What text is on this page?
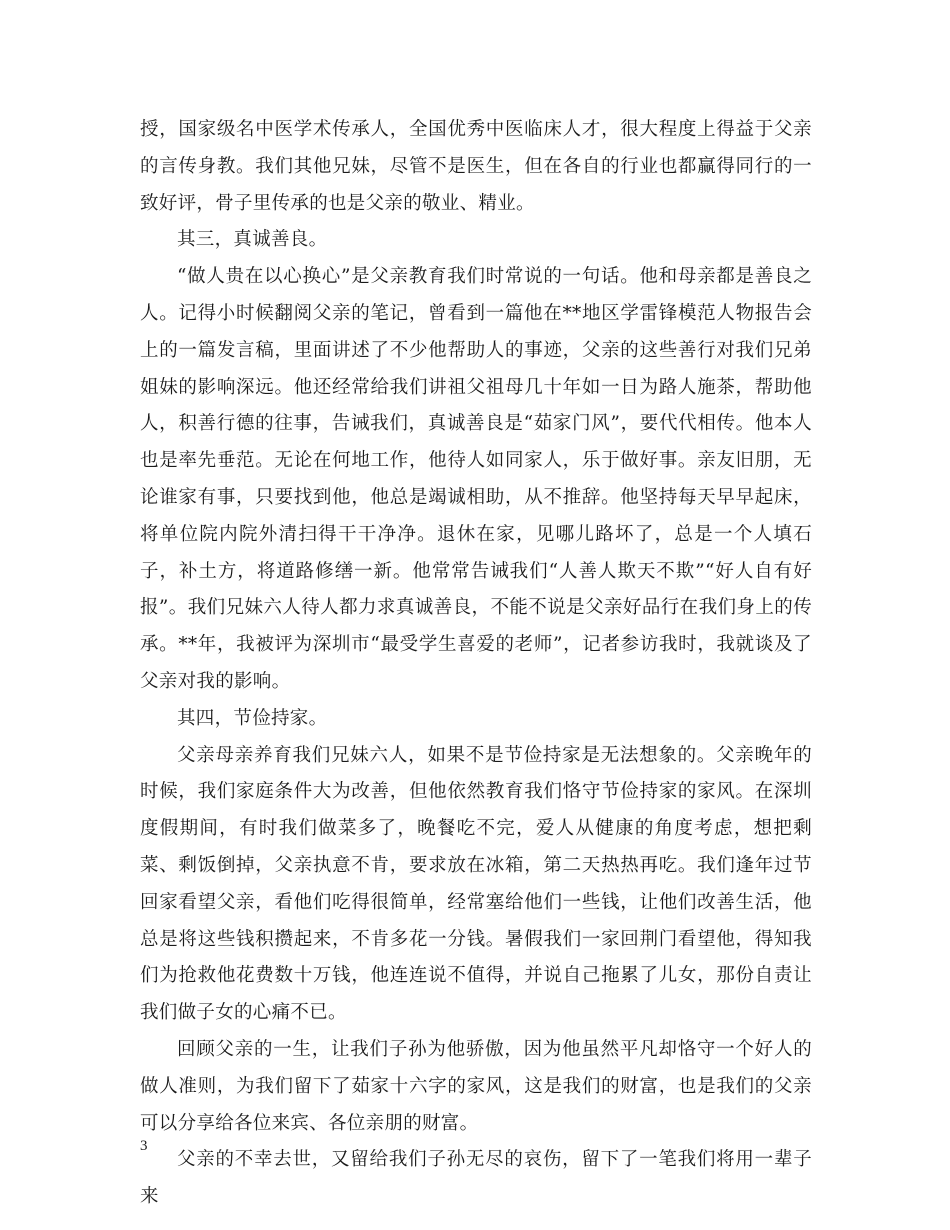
授，国家级名中医学术传承人，全国优秀中医临床人才，很大程度上得益于父亲的言传身教。我们其他兄妹，尽管不是医生，但在各自的行业也都赢得同行的一致好评，骨子里传承的也是父亲的敬业、精业。

其三，真诚善良。

“做人贵在以心换心”是父亲教育我们时常说的一句话。他和母亲都是善良之人。记得小时候翻阅父亲的笔记，曾看到一篇他在**地区学雷锋模范人物报告会上的一篇发言稿，里面讲述了不少他帮助人的事迹，父亲的这些善行对我们兄弟姐妹的影响深远。他还经常给我们讲祖父祖母几十年如一日为路人施茶，帮助他人，积善行德的往事，告诫我们，真诚善良是“茹家门风”，要代代相传。他本人也是率先垂范。无论在何地工作，他待人如同家人，乐于做好事。亲友旧朋，无论谁家有事，只要找到他，他总是竭诚相助，从不推辞。他坚持每天早早起床，将单位院内院外清扫得干干净净。退休在家，见哪儿路坏了，总是一个人填石子，补土方，将道路修缮一新。他常常告诫我们“人善人欺天不欺”“好人自有好报”。我们兄妹六人待人都力求真诚善良，不能不说是父亲好品行在我们身上的传承。**年，我被评为深圳市“最受学生喜爱的老师”，记者参访我时，我就谈及了父亲对我的影响。

其四，节俭持家。

父亲母亲养育我们兄妹六人，如果不是节俭持家是无法想象的。父亲晚年的时候，我们家庭条件大为改善，但他依然教育我们恪守节俭持家的家风。在深圳度假期间，有时我们做菜多了，晚餐吃不完，爱人从健康的角度考虑，想把剩菜、剩饭倒掉，父亲执意不肯，要求放在冰箱，第二天热热再吃。我们逢年过节回家看望父亲，看他们吃得很简单，经常塞给他们一些钱，让他们改善生活，他总是将这些钱积攒起来，不肯多花一分钱。暑假我们一家回荆门看望他，得知我们为抢救他花费数十万钱，他连连说不值得，并说自己拖累了儿女，那份自责让我们做子女的心痛不已。

回顾父亲的一生，让我们子孙为他骄傲，因为他虽然平凡却恪守一个好人的做人准则，为我们留下了茹家十六字的家风，这是我们的财富，也是我们的父亲可以分享给各位来宾、各位亲朋的财富。

父亲的不幸去世，又留给我们子孙无尽的哀伤，留下了一笔我们将用一辈子来

3
